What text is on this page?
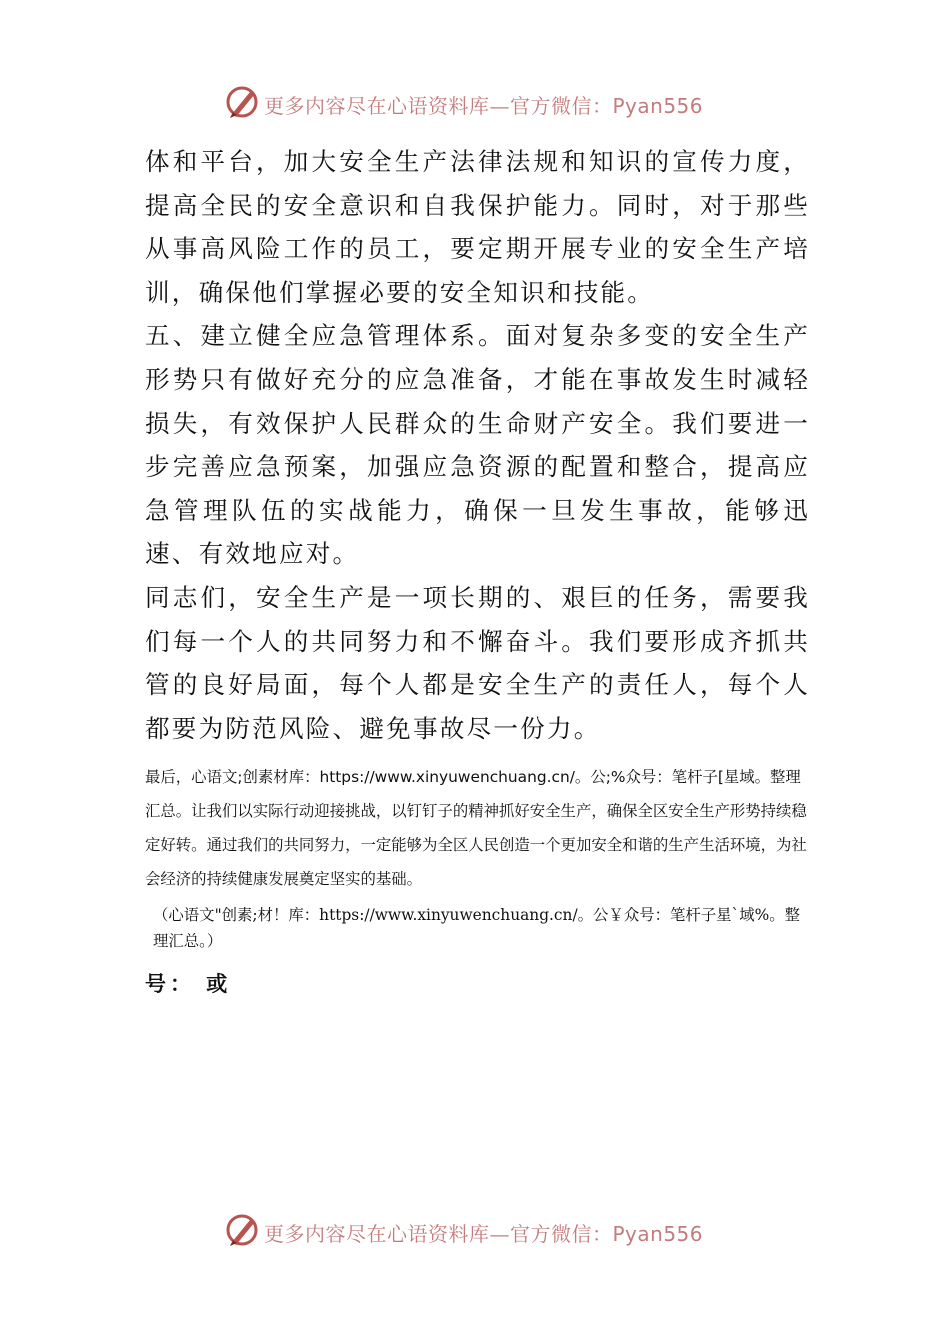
更多内容尽在心语资料库—官方微信：Pyan556

体和平台，加大安全生产法律法规和知识的宣传力度，提高全民的安全意识和自我保护能力。同时，对于那些从事高风险工作的员工，要定期开展专业的安全生产培训，确保他们掌握必要的安全知识和技能。

五、建立健全应急管理体系。面对复杂多变的安全生产形势只有做好充分的应急准备，才能在事故发生时减轻损失，有效保护人民群众的生命财产安全。我们要进一步完善应急预案，加强应急资源的配置和整合，提高应急管理队伍的实战能力，确保一旦发生事故，能够迅速、有效地应对。

同志们，安全生产是一项长期的、艰巨的任务，需要我们每一个人的共同努力和不懈奋斗。我们要形成齐抓共管的良好局面，每个人都是安全生产的责任人，每个人都要为防范风险、避免事故尽一份力。

最后，心语文;创素材库：https://www.xinyuwenchuang.cn/。公;%众号：笔杆子[星域。整理汇总。让我们以实际行动迎接挑战，以钉钉子的精神抓好安全生产，确保全区安全生产形势持续稳定好转。通过我们的共同努力，一定能够为全区人民创造一个更加安全和谐的生产生活环境，为社会经济的持续健康发展奠定坚实的基础。

（心语文"创素;材！库：https://www.xinyuwenchuang.cn/。公￥众号：笔杆子星`域%。整理汇总。）

号： 或

更多内容尽在心语资料库—官方微信：Pyan556
